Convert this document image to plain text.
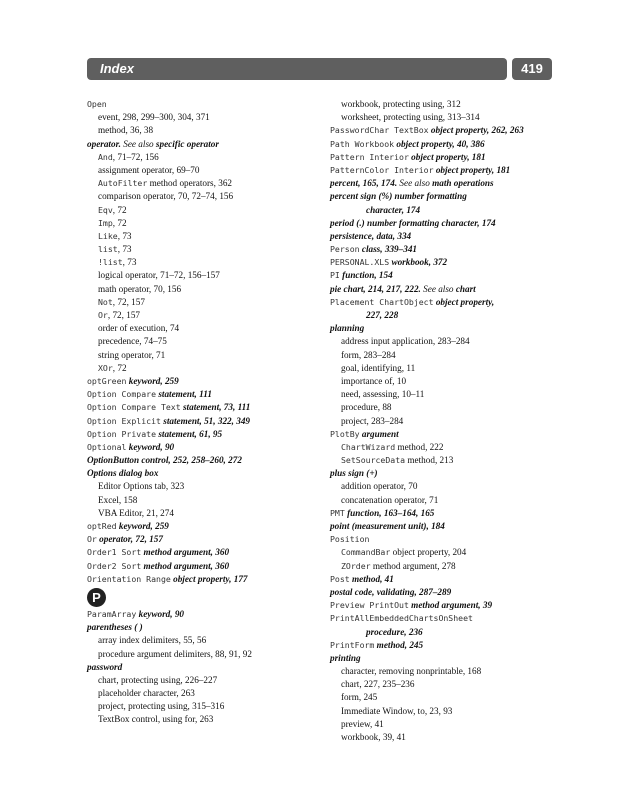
Index	419
Open
event, 298, 299–300, 304, 371
method, 36, 38
operator. See also specific operator
And, 71–72, 156
assignment operator, 69–70
AutoFilter method operators, 362
comparison operator, 70, 72–74, 156
Eqv, 72
Imp, 72
Like, 73
list, 73
!list, 73
logical operator, 71–72, 156–157
math operator, 70, 156
Not, 72, 157
Or, 72, 157
order of execution, 74
precedence, 74–75
string operator, 71
XOr, 72
optGreen keyword, 259
Option Compare statement, 111
Option Compare Text statement, 73, 111
Option Explicit statement, 51, 322, 349
Option Private statement, 61, 95
Optional keyword, 90
OptionButton control, 252, 258–260, 272
Options dialog box
Editor Options tab, 323
Excel, 158
VBA Editor, 21, 274
optRed keyword, 259
Or operator, 72, 157
Order1 Sort method argument, 360
Order2 Sort method argument, 360
Orientation Range object property, 177
P
ParamArray keyword, 90
parentheses ( )
array index delimiters, 55, 56
procedure argument delimiters, 88, 91, 92
password
chart, protecting using, 226–227
placeholder character, 263
project, protecting using, 315–316
TextBox control, using for, 263
workbook, protecting using, 312
worksheet, protecting using, 313–314
PasswordChar TextBox object property, 262, 263
Path Workbook object property, 40, 386
Pattern Interior object property, 181
PatternColor Interior object property, 181
percent, 165, 174. See also math operations
percent sign (%) number formatting
character, 174
period (.) number formatting character, 174
persistence, data, 334
Person class, 339–341
PERSONAL.XLS workbook, 372
PI function, 154
pie chart, 214, 217, 222. See also chart
Placement ChartObject object property,
227, 228
planning
address input application, 283–284
form, 283–284
goal, identifying, 11
importance of, 10
need, assessing, 10–11
procedure, 88
project, 283–284
PlotBy argument
ChartWizard method, 222
SetSourceData method, 213
plus sign (+)
addition operator, 70
concatenation operator, 71
PMT function, 163–164, 165
point (measurement unit), 184
Position
CommandBar object property, 204
ZOrder method argument, 278
Post method, 41
postal code, validating, 287–289
Preview PrintOut method argument, 39
PrintAllEmbeddedChartsOnSheet
procedure, 236
PrintForm method, 245
printing
character, removing nonprintable, 168
chart, 227, 235–236
form, 245
Immediate Window, to, 23, 93
preview, 41
workbook, 39, 41
